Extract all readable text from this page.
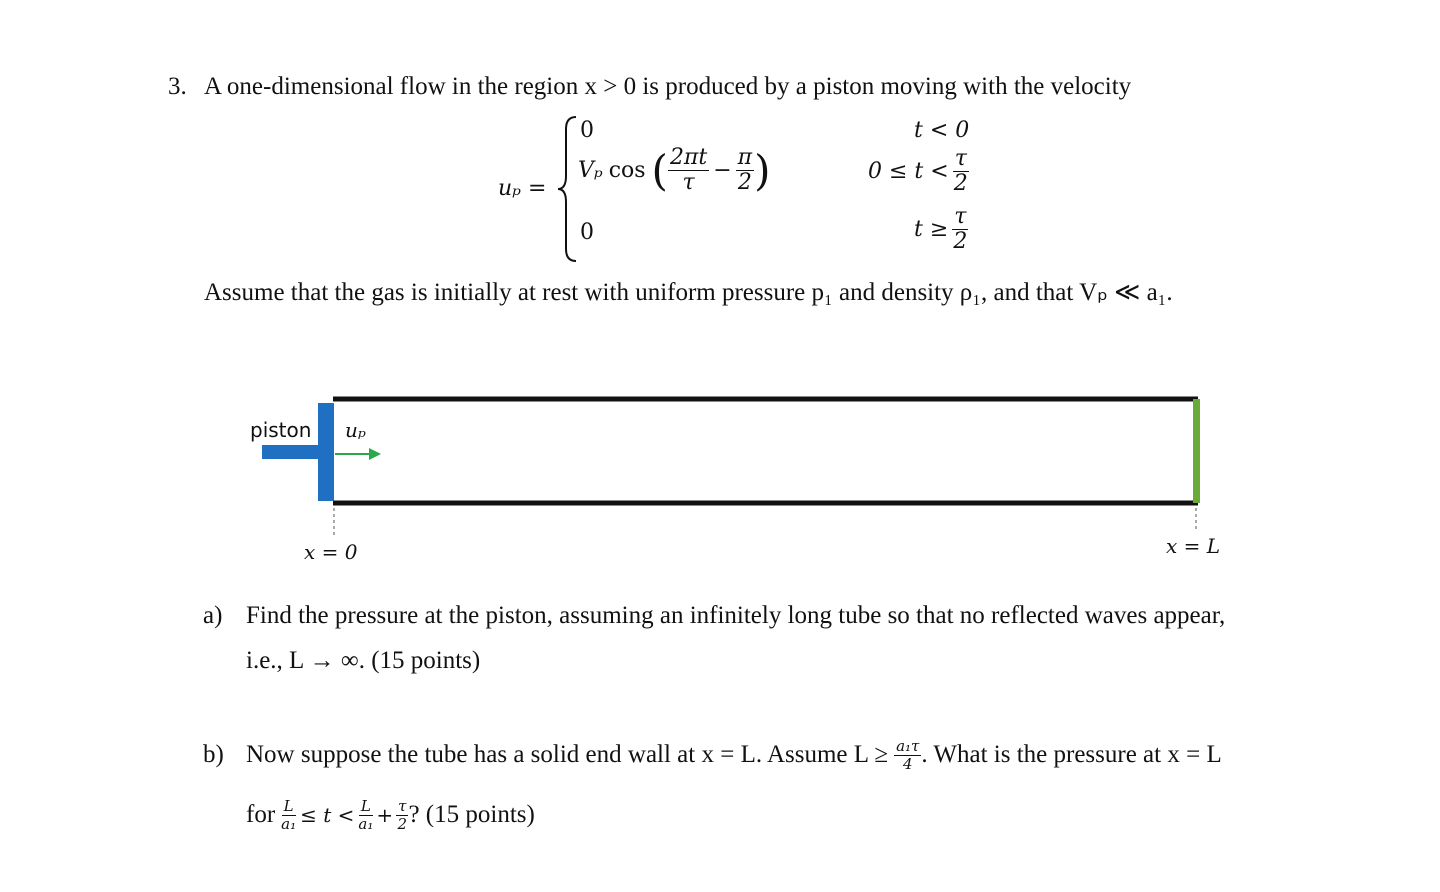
3. A one-dimensional flow in the region x > 0 is produced by a piston moving with the velocity
uₚ =
0	t < 0
Vₚ cos ( $\frac{2\pi t}{\tau} - \frac{\pi}{2}$ )	$0 \le t < \frac{\tau}{2}$
0	$t \ge \frac{\tau}{2}$
Assume that the gas is initially at rest with uniform pressure p₁ and density ρ₁, and that Vₚ ≪ a₁.
piston uₚ
x = 0	x = L
a) Find the pressure at the piston, assuming an infinitely long tube so that no reflected waves appear,
i.e., L → ∞. (15 points)
b) Now suppose the tube has a solid end wall at x = L. Assume $L \ge \frac{\text{a₁τ}}{4}$ . What is the pressure at x = L
for $\frac{L}{\text{a₁}} \le t < \frac{L}{\text{a₁}} + \frac{\tau}{2}$ ? (15 points)
